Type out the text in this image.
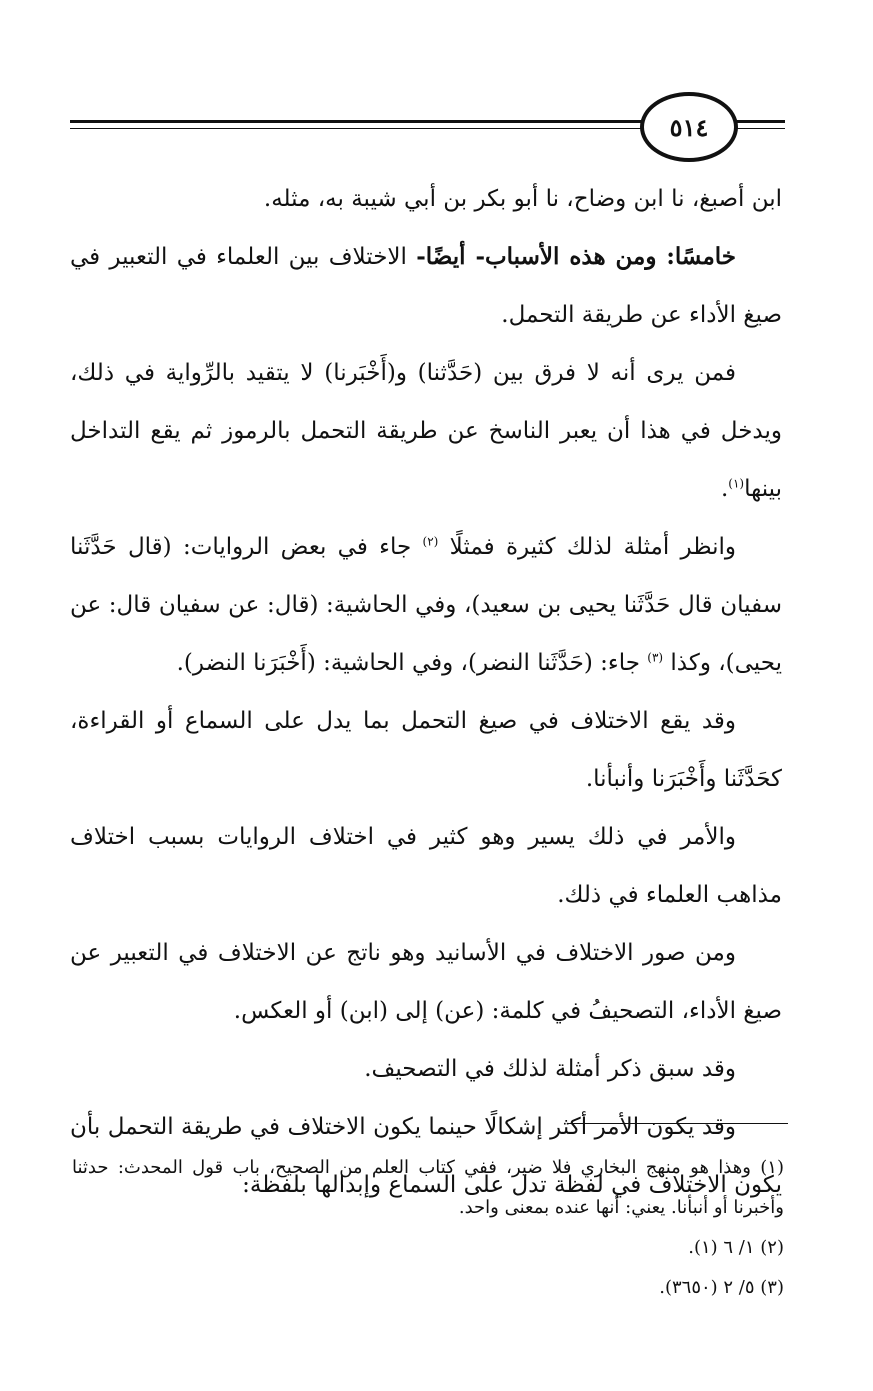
٥١٤

ابن أصبغ، نا ابن وضاح، نا أبو بكر بن أبي شيبة به، مثله.

خامسًا: ومن هذه الأسباب- أيضًا- الاختلاف بين العلماء في التعبير في صيغ الأداء عن طريقة التحمل.

فمن يرى أنه لا فرق بين (حَدَّثنا) و(أَخْبَرنا) لا يتقيد بالرِّواية في ذلك، ويدخل في هذا أن يعبر الناسخ عن طريقة التحمل بالرموز ثم يقع التداخل بينها$^{(١)}$.

وانظر أمثلة لذلك كثيرة فمثلًا $^{(٢)}$ جاء في بعض الروايات: (قال حَدَّثَنا سفيان قال حَدَّثَنا يحيى بن سعيد)، وفي الحاشية: (قال: عن سفيان قال: عن يحيى)، وكذا $^{(٣)}$ جاء: (حَدَّثَنا النضر)، وفي الحاشية: (أَخْبَرَنا النضر).

وقد يقع الاختلاف في صيغ التحمل بما يدل على السماع أو القراءة، كحَدَّثَنا وأَخْبَرَنا وأنبأنا.

والأمر في ذلك يسير وهو كثير في اختلاف الروايات بسبب اختلاف مذاهب العلماء في ذلك.

ومن صور الاختلاف في الأسانيد وهو ناتج عن الاختلاف في التعبير عن صيغ الأداء، التصحيفُ في كلمة: (عن) إلى (ابن) أو العكس.

وقد سبق ذكر أمثلة لذلك في التصحيف.

وقد يكون الأمر أكثر إشكالًا حينما يكون الاختلاف في طريقة التحمل بأن يكون الاختلاف في لفظة تدل على السماع وإبدالها بلفظة:

(١) وهذا هو منهج البخاري فلا ضير، ففي كتاب العلم من الصحيح، باب قول المحدث: حدثنا وأخبرنا أو أنبأنا. يعني: أنها عنده بمعنى واحد.

(٢) ١/ ٦ (١).

(٣) ٥/ ٢ (٣٦٥٠).
